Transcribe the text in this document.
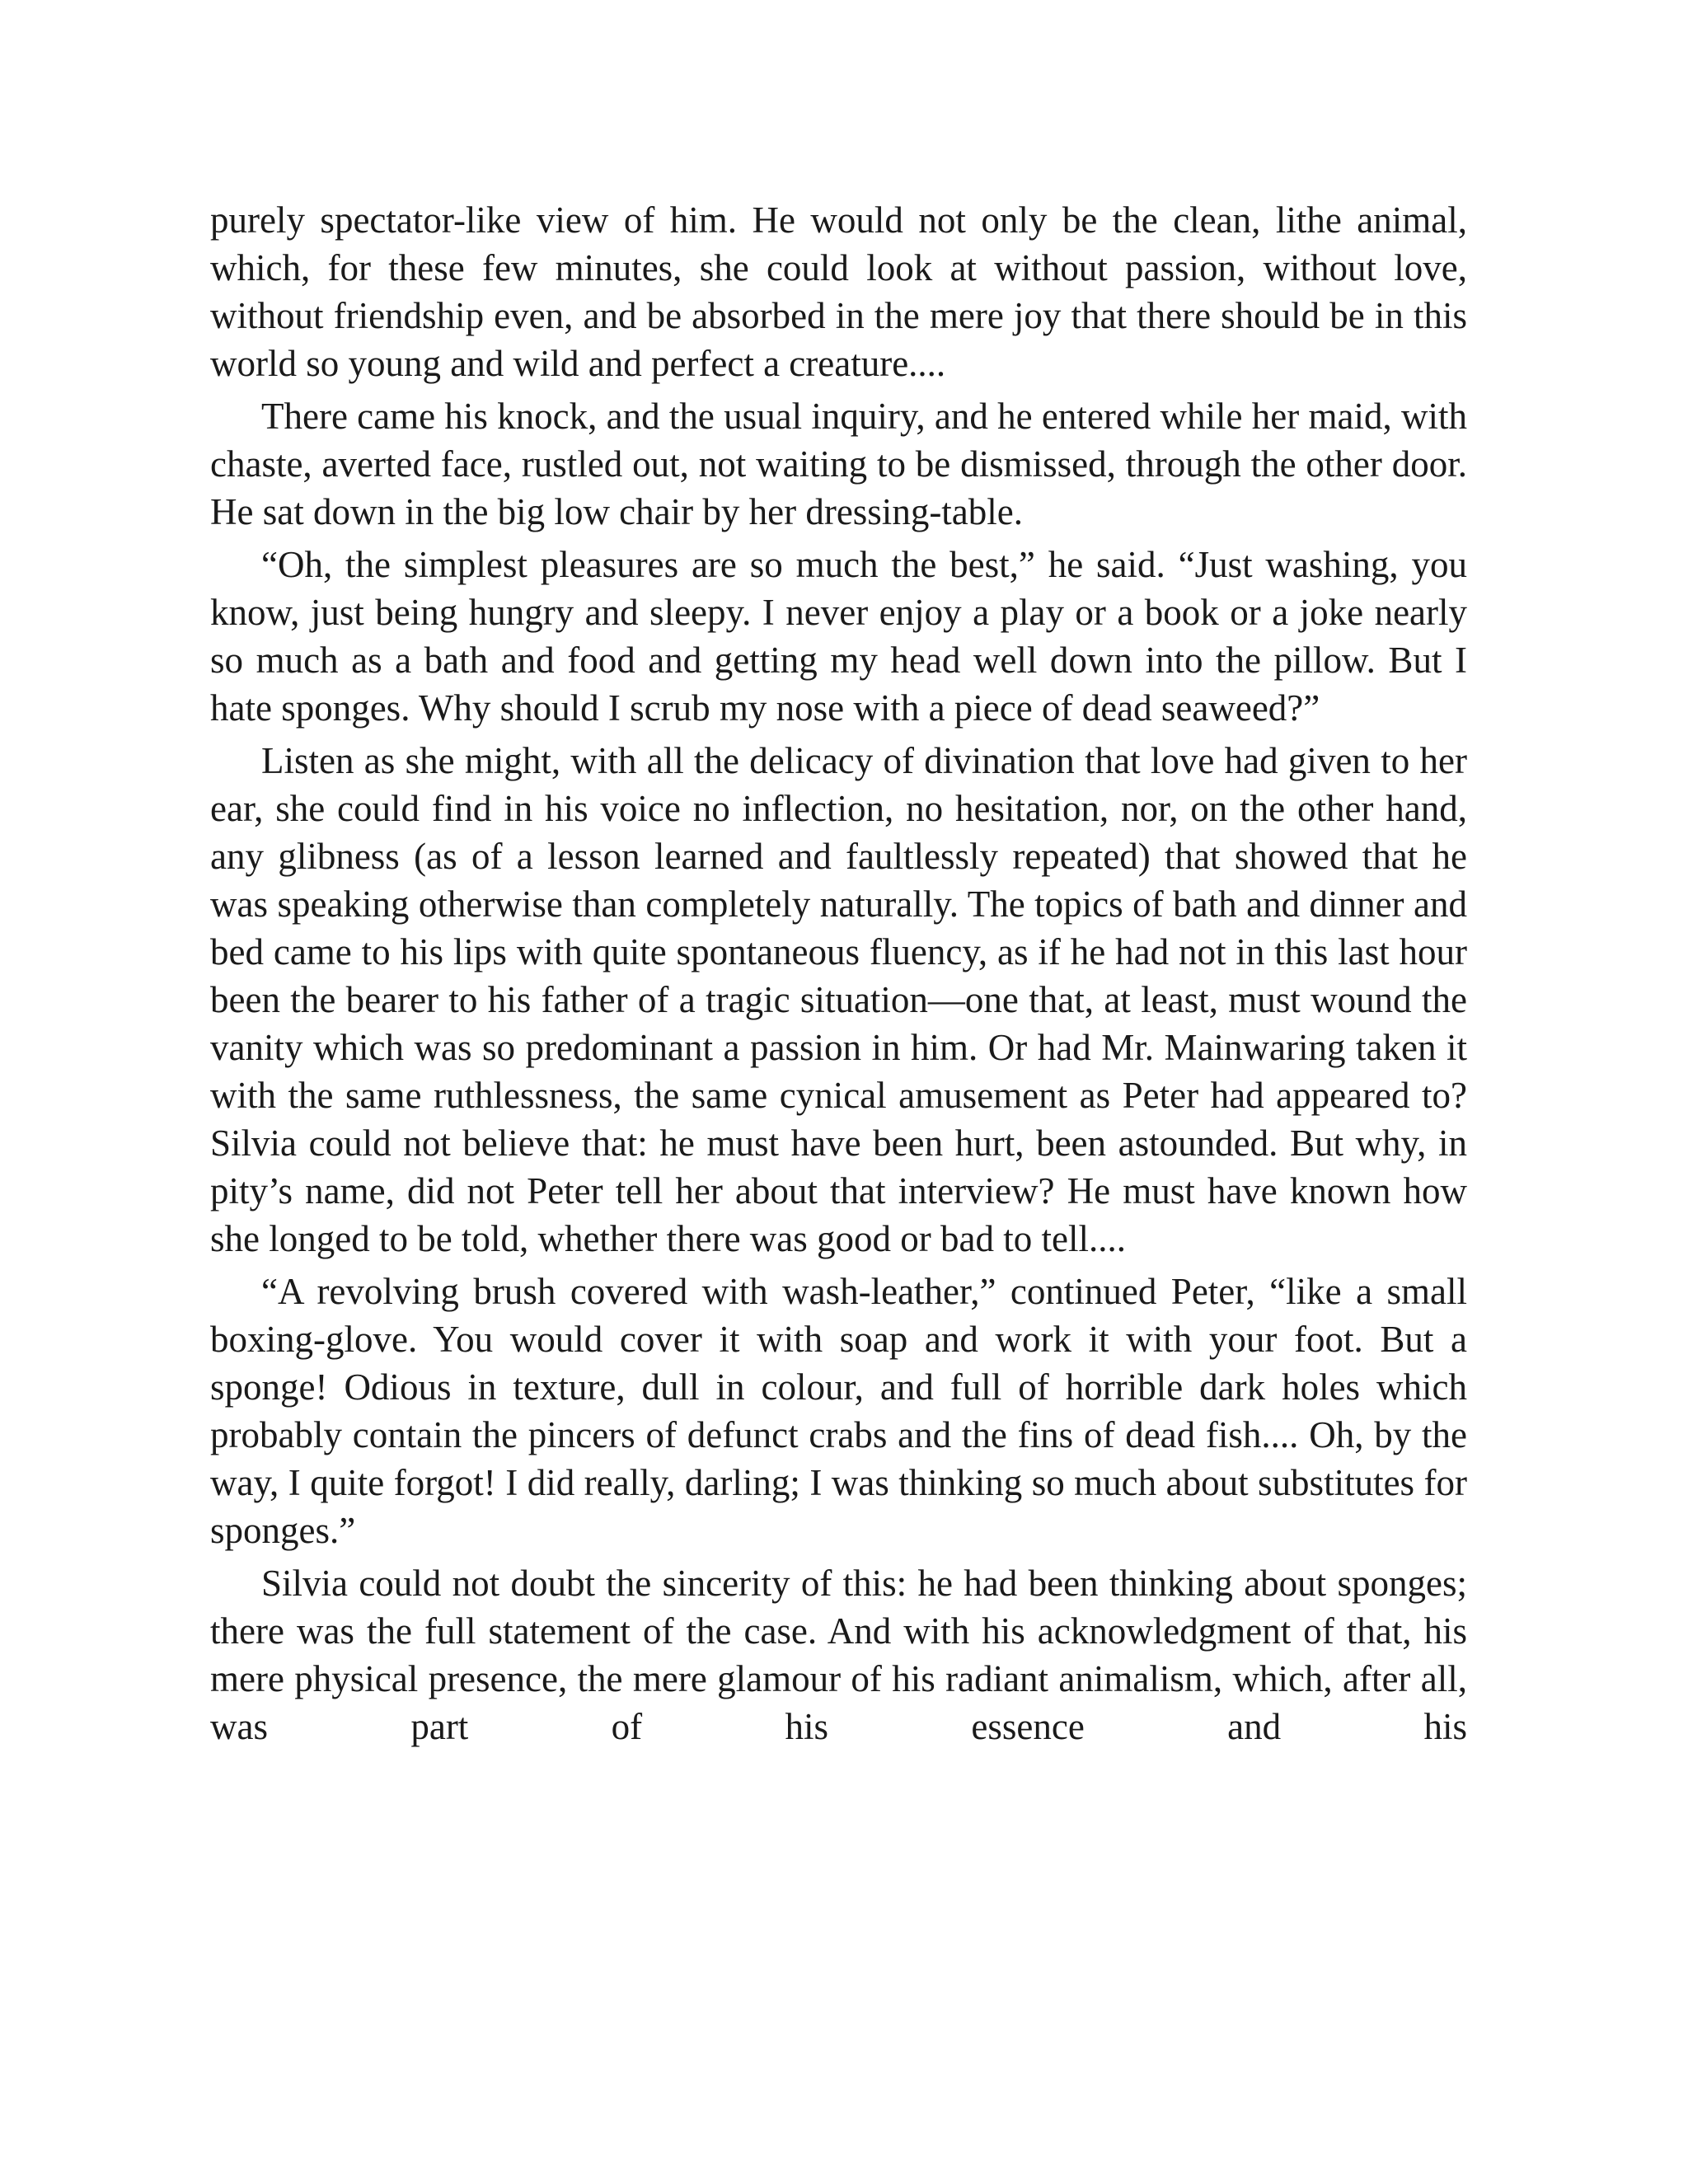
purely spectator-like view of him. He would not only be the clean, lithe animal, which, for these few minutes, she could look at without passion, without love, without friendship even, and be absorbed in the mere joy that there should be in this world so young and wild and perfect a creature....

There came his knock, and the usual inquiry, and he entered while her maid, with chaste, averted face, rustled out, not waiting to be dismissed, through the other door. He sat down in the big low chair by her dressing-table.

“Oh, the simplest pleasures are so much the best,” he said. “Just washing, you know, just being hungry and sleepy. I never enjoy a play or a book or a joke nearly so much as a bath and food and getting my head well down into the pillow. But I hate sponges. Why should I scrub my nose with a piece of dead seaweed?”

Listen as she might, with all the delicacy of divination that love had given to her ear, she could find in his voice no inflection, no hesitation, nor, on the other hand, any glibness (as of a lesson learned and faultlessly repeated) that showed that he was speaking otherwise than completely naturally. The topics of bath and dinner and bed came to his lips with quite spontaneous fluency, as if he had not in this last hour been the bearer to his father of a tragic situation—one that, at least, must wound the vanity which was so predominant a passion in him. Or had Mr. Mainwaring taken it with the same ruthlessness, the same cynical amusement as Peter had appeared to? Silvia could not believe that: he must have been hurt, been astounded. But why, in pity’s name, did not Peter tell her about that interview? He must have known how she longed to be told, whether there was good or bad to tell....

“A revolving brush covered with wash-leather,” continued Peter, “like a small boxing-glove. You would cover it with soap and work it with your foot. But a sponge! Odious in texture, dull in colour, and full of horrible dark holes which probably contain the pincers of defunct crabs and the fins of dead fish.... Oh, by the way, I quite forgot! I did really, darling; I was thinking so much about substitutes for sponges.”

Silvia could not doubt the sincerity of this: he had been thinking about sponges; there was the full statement of the case. And with his acknowledgment of that, his mere physical presence, the mere glamour of his radiant animalism, which, after all, was part of his essence and his
